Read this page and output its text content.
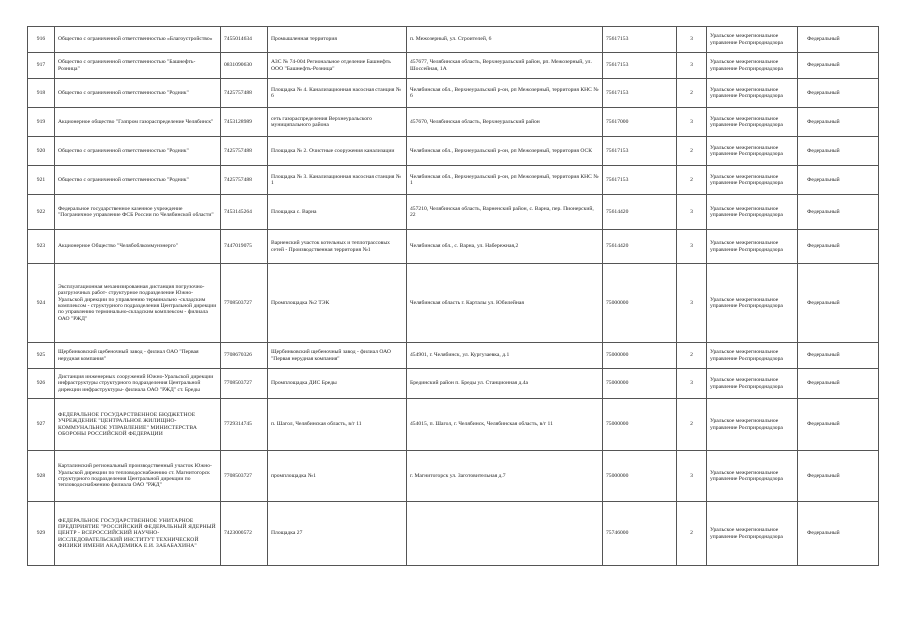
916	Общество с ограниченной ответственностью «Благоустройство»	7455014634	Промышленная территория	п. Межозерный, ул. Строителей, 6	75617153	3	Уральское межрегиональное управление Росприроднадзора	Федеральный
917	Общество с ограниченной ответственностью "Башнефть-Розница"	0831090630	АЗС № 74-004 Региональное отделение Башнефть ООО "Башнефть-Розница"	457677, Челябинская область, Верхнеуральский район, рп. Межозерный, ул. Шоссейная, 1А	75617153	3	Уральское межрегиональное управление Росприроднадзора	Федеральный
918	Общество с ограниченной ответственностью "Родник"	7425757488	Площадка № 4. Канализационная насосная станция № 6	Челябинская обл., Верхнеуральский р-он, рп Межозерный, территория КНС № 6	75617153	2	Уральское межрегиональное управление Росприроднадзора	Федеральный
919	Акционерное общество "Газпром газораспределение Челябинск"	7453128989	сеть газораспределения Верхнеуральского муниципального района	457670, Челябинская область, Верхнеуральский район	75617000	3	Уральское межрегиональное управление Росприроднадзора	Федеральный
920	Общество с ограниченной ответственностью "Родник"	7425757488	Площадка № 2. Очистные сооружения канализации	Челябинская обл., Верхнеуральский р-он, рп Межозерный, территория ОСК	75617153	2	Уральское межрегиональное управление Росприроднадзора	Федеральный
921	Общество с ограниченной ответственностью "Родник"	7425757488	Площадка № 3. Канализационная насосная станция № 1	Челябинская обл., Верхнеуральский р-он, рп Межозерный, территория КНС № 1	75617153	2	Уральское межрегиональное управление Росприроднадзора	Федеральный
922	Федеральное государственное казенное учреждение "Пограничное управление ФСБ России по Челябинской области"	7453145264	Площадка с. Варна	457210, Челябинская область, Варненский район, с. Варна, пер. Пионерский, 22	75614420	3	Уральское межрегиональное управление Росприроднадзора	Федеральный
923	Акционерное Общество "Челябоблкоммунэнерго"	7447019075	Варненский участок котельных и теплотрассовых сетей - Производственная территория №1	Челябинская обл., с. Варна, ул. Набережная,2	75614420	3	Уральское межрегиональное управление Росприроднадзора	Федеральный
924	Эксплуатационная механизированная дистанция погрузочно-разгрузочных работ- структурное подразделение Южно- Уральской дирекции по управлению терминально -складским комплексом - структурного подразделения Центральной дирекции по управлению терминально-складским комплексом - филиала ОАО "РЖД"	7708503727	Промплощадка №2 ТЭК	Челябинская область г. Карталы ул. Юбилейная	75000000	3	Уральское межрегиональное управление Росприроднадзора	Федеральный
925	Щербинковский щебеночный завод - филиал ОАО "Первая нерудная компания"	7708670326	Щербинковский щебеночный завод - филиал ОАО "Первая нерудная компания"	454901, г. Челябинск, ул. Кургузаевка, д.1	75000000	2	Уральское межрегиональное управление Росприроднадзора	Федеральный
926	Дистанция инженерных сооружений Южно-Уральской дирекции инфраструктуры структурного подразделения Центральной дирекции инфраструктуры- филиала ОАО "РЖД" ст. Бреды	7708503727	Промплощадка ДИС Бреды	Брединский район п. Бреды ул. Станционная д.4а	75000000	3	Уральское межрегиональное управление Росприроднадзора	Федеральный
927	ФЕДЕРАЛЬНОЕ ГОСУДАРСТВЕННОЕ БЮДЖЕТНОЕ УЧРЕЖДЕНИЕ "ЦЕНТРАЛЬНОЕ ЖИЛИЩНО-КОММУНАЛЬНОЕ УПРАВЛЕНИЕ" МИНИСТЕРСТВА ОБОРОНЫ РОССИЙСКОЙ ФЕДЕРАЦИИ	7729314745	п. Шагол, Челябинская область, в/г 11	454015, п. Шагол, г. Челябинск, Челябинская область, в/г 11	75000000	2	Уральское межрегиональное управление Росприроднадзора	Федеральный
928	Карталинский региональный производственный участок Южно-Уральской дирекции по тепловодоснабжению ст. Магнитогорск структурного подразделения Центральной дирекции по тепловодоснабжению филиала ОАО "РЖД"	7708503727	промплощадка №1	г. Магнитогорск ул. Заготовительная д.7	75000000	3	Уральское межрегиональное управление Росприроднадзора	Федеральный
929	ФЕДЕРАЛЬНОЕ ГОСУДАРСТВЕННОЕ УНИТАРНОЕ ПРЕДПРИЯТИЕ "РОССИЙСКИЙ ФЕДЕРАЛЬНЫЙ ЯДЕРНЫЙ ЦЕНТР - ВСЕРОССИЙСКИЙ НАУЧНО-ИССЛЕДОВАТЕЛЬСКИЙ ИНСТИТУТ ТЕХНИЧЕСКОЙ ФИЗИКИ ИМЕНИ АКАДЕМИКА Е.И. ЗАБАБАХИНА"	7423000572	Площадка 27		75746000	2	Уральское межрегиональное управление Росприроднадзора	Федеральный
